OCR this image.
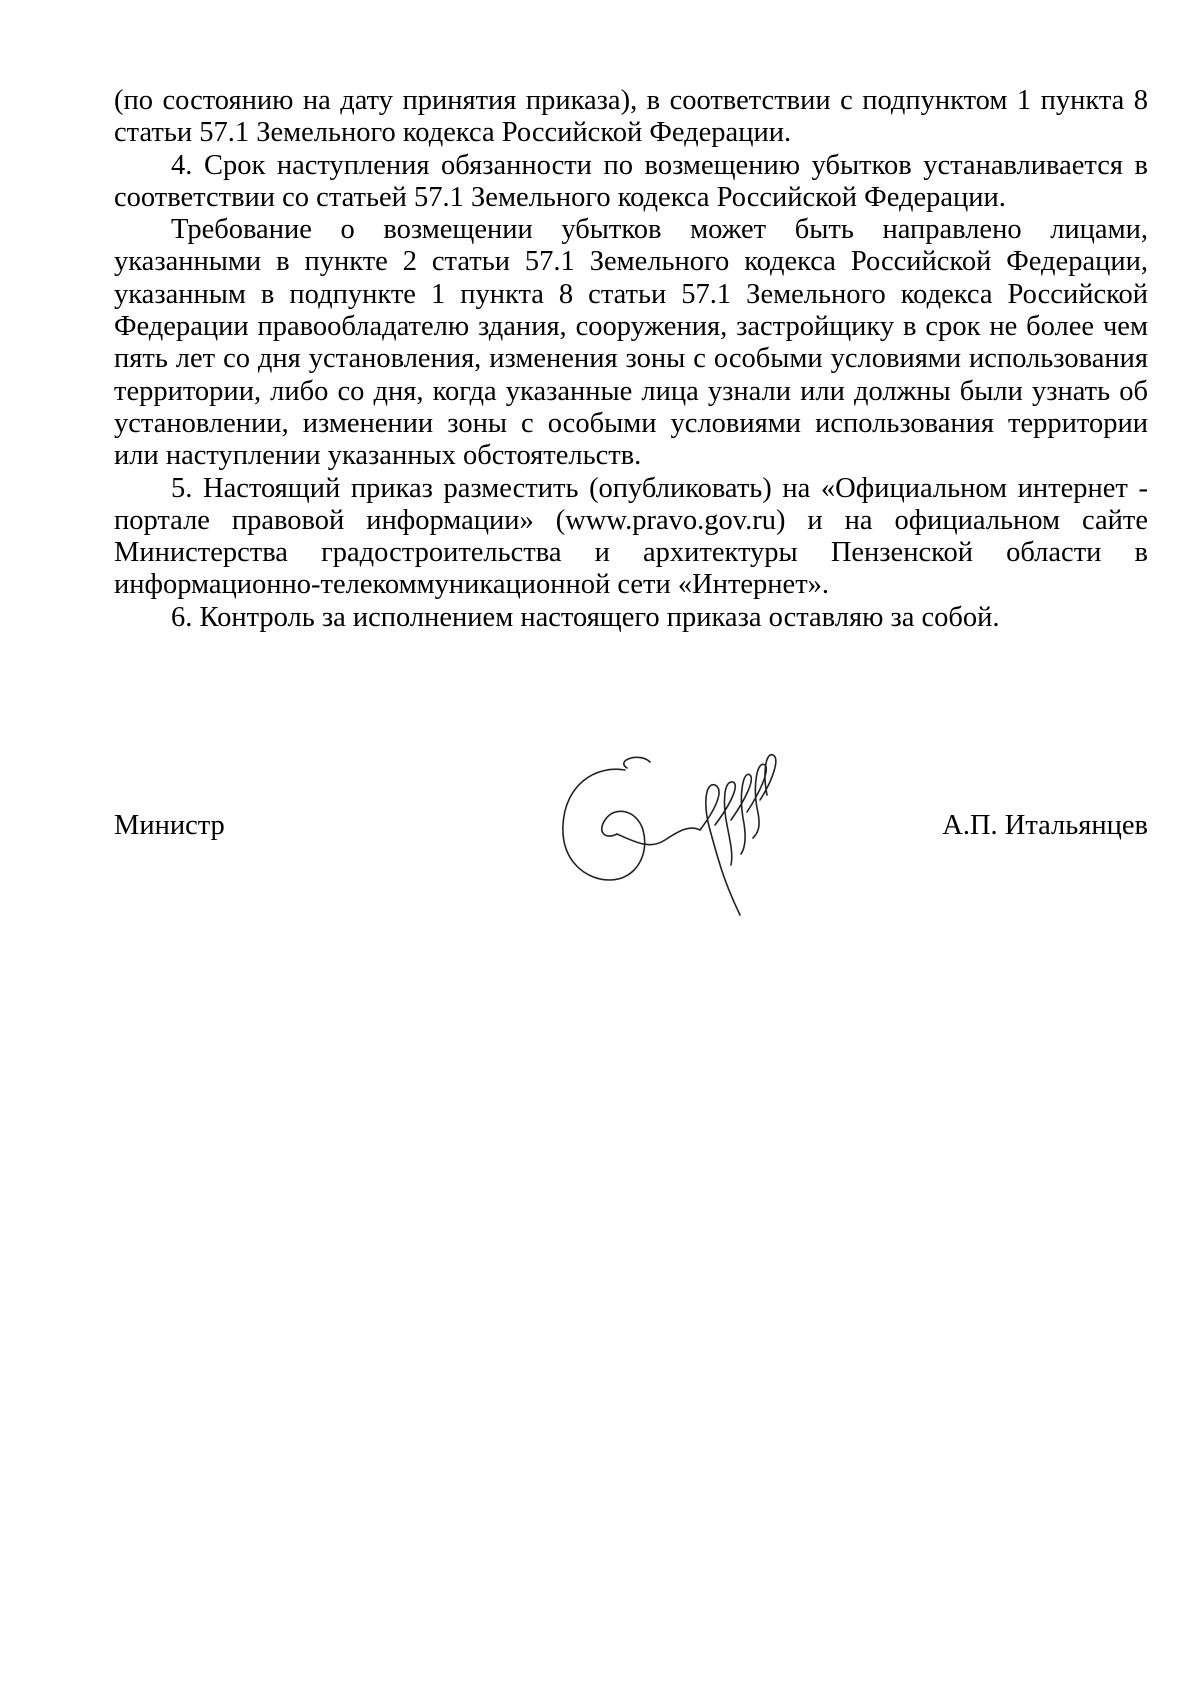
(по состоянию на дату принятия приказа), в соответствии с подпунктом 1 пункта 8 статьи 57.1 Земельного кодекса Российской Федерации.

4. Срок наступления обязанности по возмещению убытков устанавливается в соответствии со статьей 57.1 Земельного кодекса Российской Федерации.

Требование о возмещении убытков может быть направлено лицами, указанными в пункте 2 статьи 57.1 Земельного кодекса Российской Федерации, указанным в подпункте 1 пункта 8 статьи 57.1 Земельного кодекса Российской Федерации правообладателю здания, сооружения, застройщику в срок не более чем пять лет со дня установления, изменения зоны с особыми условиями использования территории, либо со дня, когда указанные лица узнали или должны были узнать об установлении, изменении зоны с особыми условиями использования территории или наступлении указанных обстоятельств.

5. Настоящий приказ разместить (опубликовать) на «Официальном интернет - портале правовой информации» (www.pravo.gov.ru) и на официальном сайте Министерства градостроительства и архитектуры Пензенской области в информационно-телекоммуникационной сети «Интернет».

6. Контроль за исполнением настоящего приказа оставляю за собой.

Министр	А.П. Итальянцев
